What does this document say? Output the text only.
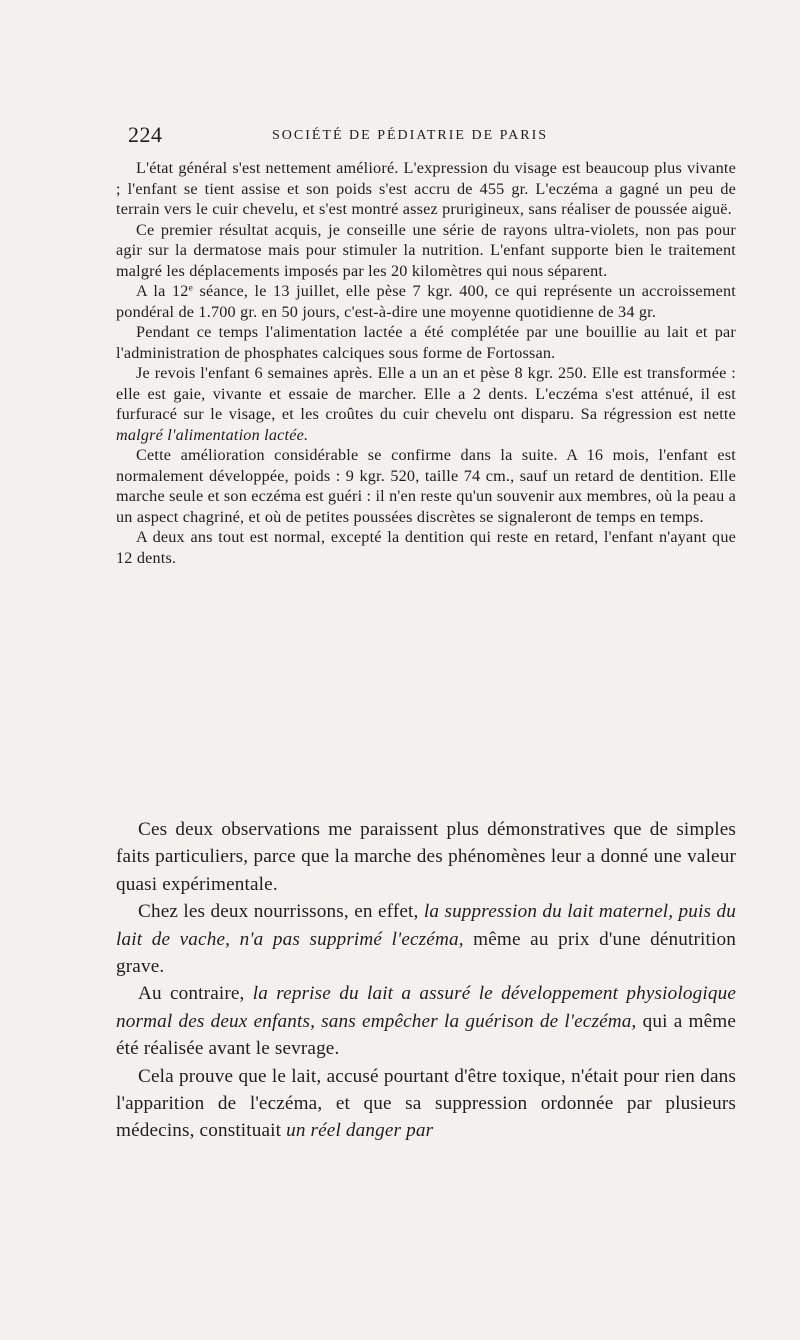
224	SOCIÉTÉ DE PÉDIATRIE DE PARIS

L'état général s'est nettement amélioré. L'expression du visage est beaucoup plus vivante ; l'enfant se tient assise et son poids s'est accru de 455 gr. L'eczéma a gagné un peu de terrain vers le cuir chevelu, et s'est montré assez prurigineux, sans réaliser de poussée aiguë.

Ce premier résultat acquis, je conseille une série de rayons ultra-violets, non pas pour agir sur la dermatose mais pour stimuler la nutrition. L'enfant supporte bien le traitement malgré les déplacements imposés par les 20 kilomètres qui nous séparent.

A la 12e séance, le 13 juillet, elle pèse 7 kgr. 400, ce qui représente un accroissement pondéral de 1.700 gr. en 50 jours, c'est-à-dire une moyenne quotidienne de 34 gr.

Pendant ce temps l'alimentation lactée a été complétée par une bouillie au lait et par l'administration de phosphates calciques sous forme de Fortossan.

Je revois l'enfant 6 semaines après. Elle a un an et pèse 8 kgr. 250. Elle est transformée : elle est gaie, vivante et essaie de marcher. Elle a 2 dents. L'eczéma s'est atténué, il est furfuracé sur le visage, et les croûtes du cuir chevelu ont disparu. Sa régression est nette malgré l'alimentation lactée.

Cette amélioration considérable se confirme dans la suite. A 16 mois, l'enfant est normalement développée, poids : 9 kgr. 520, taille 74 cm., sauf un retard de dentition. Elle marche seule et son eczéma est guéri : il n'en reste qu'un souvenir aux membres, où la peau a un aspect chagriné, et où de petites poussées discrètes se signaleront de temps en temps.

A deux ans tout est normal, excepté la dentition qui reste en retard, l'enfant n'ayant que 12 dents.

Ces deux observations me paraissent plus démonstratives que de simples faits particuliers, parce que la marche des phénomènes leur a donné une valeur quasi expérimentale.

Chez les deux nourrissons, en effet, la suppression du lait maternel, puis du lait de vache, n'a pas supprimé l'eczéma, même au prix d'une dénutrition grave.

Au contraire, la reprise du lait a assuré le développement physiologique normal des deux enfants, sans empêcher la guérison de l'eczéma, qui a même été réalisée avant le sevrage.

Cela prouve que le lait, accusé pourtant d'être toxique, n'était pour rien dans l'apparition de l'eczéma, et que sa suppression ordonnée par plusieurs médecins, constituait un réel danger par
